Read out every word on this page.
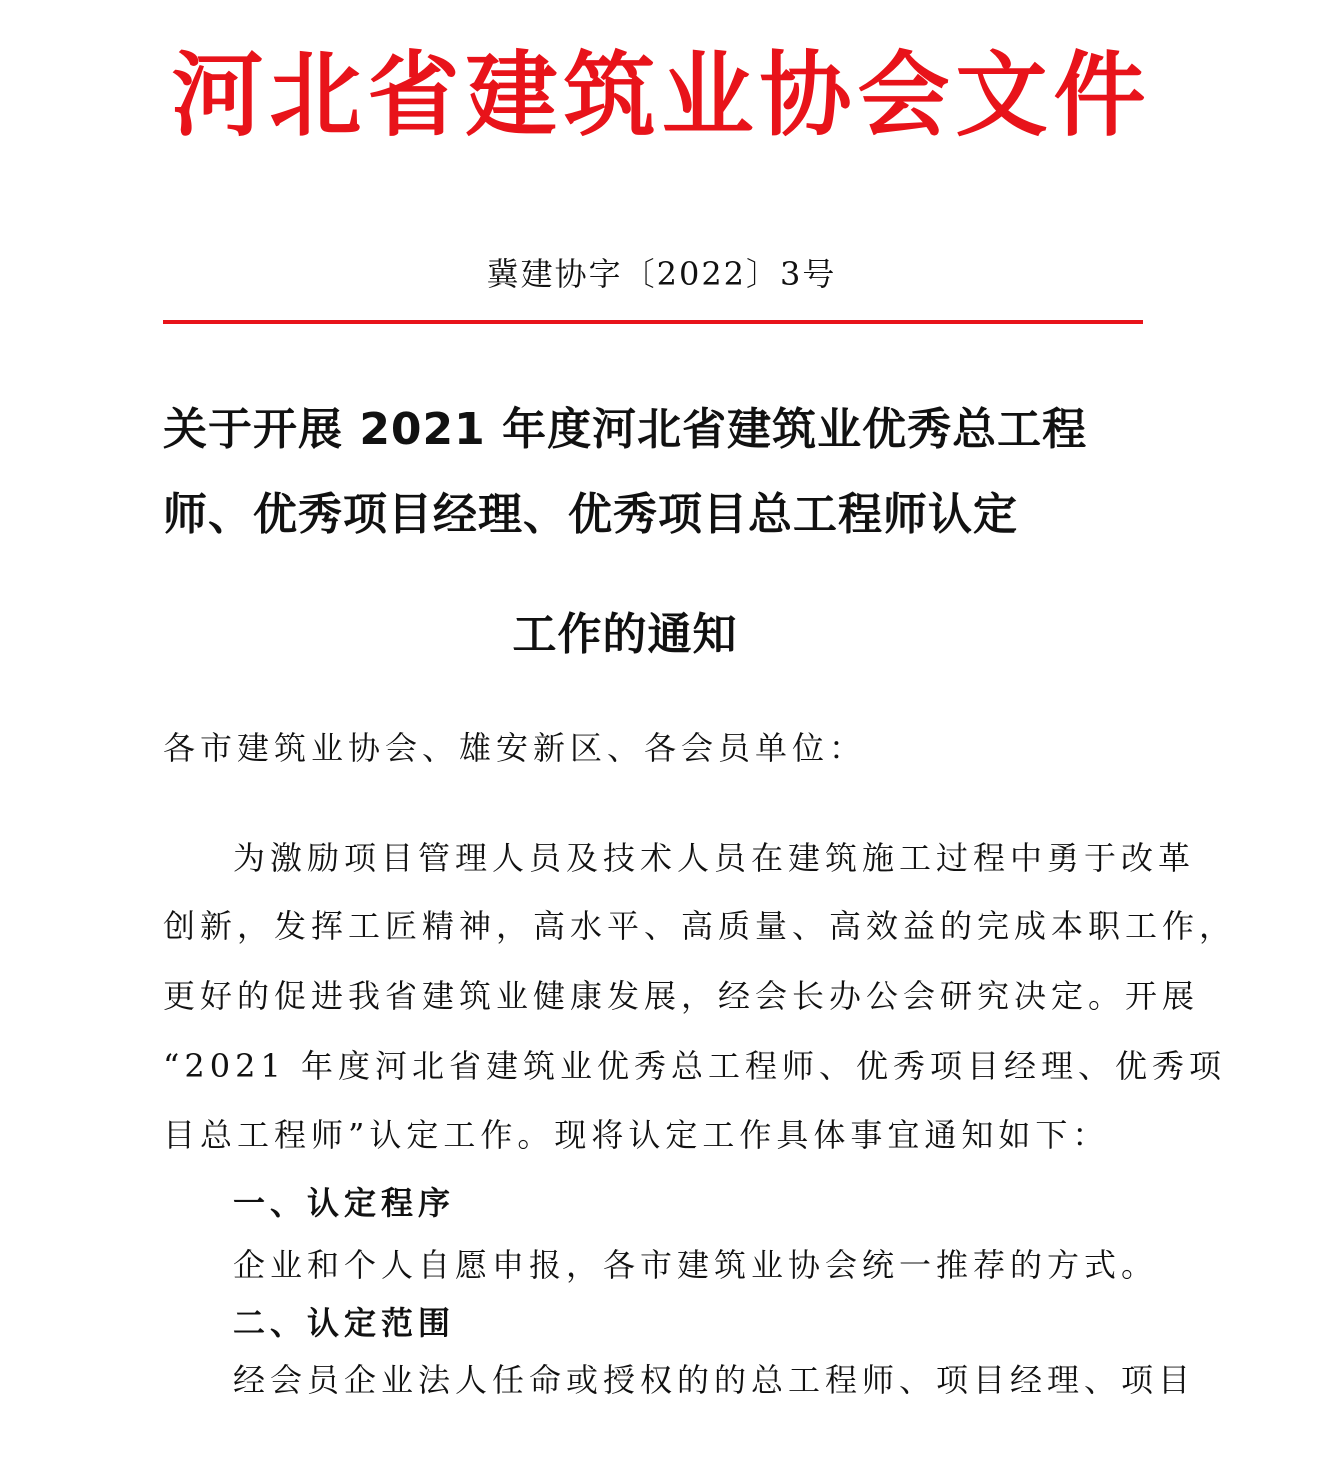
河北省建筑业协会文件
冀建协字〔2022〕3号
关于开展 2021 年度河北省建筑业优秀总工程
师、优秀项目经理、优秀项目总工程师认定
工作的通知
各市建筑业协会、雄安新区、各会员单位：
为激励项目管理人员及技术人员在建筑施工过程中勇于改革
创新，发挥工匠精神，高水平、高质量、高效益的完成本职工作，
更好的促进我省建筑业健康发展，经会长办公会研究决定。开展
“2021 年度河北省建筑业优秀总工程师、优秀项目经理、优秀项
目总工程师”认定工作。现将认定工作具体事宜通知如下：
一、认定程序
企业和个人自愿申报，各市建筑业协会统一推荐的方式。
二、认定范围
经会员企业法人任命或授权的的总工程师、项目经理、项目
